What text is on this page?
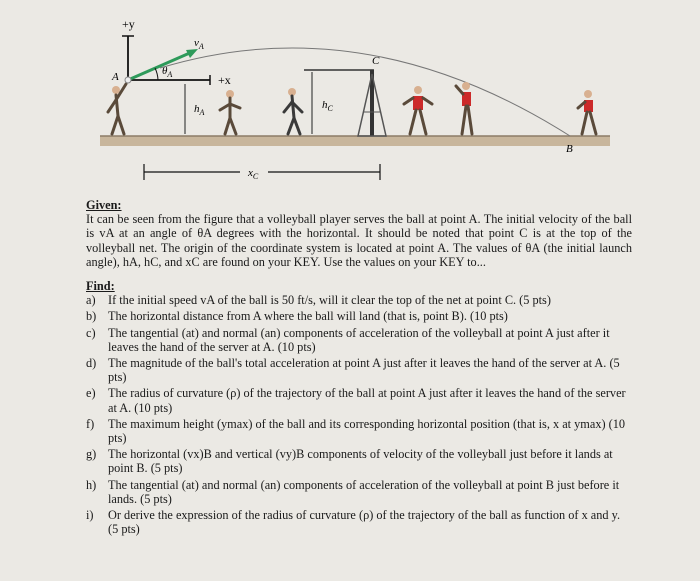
+y
+x
A
$v_A$
$\theta_A$
B
$h_A$
$h_C$
C
$x_C$

Given:

It can be seen from the figure that a volleyball player serves the ball at point A. The initial velocity of the ball is vA at an angle of θA degrees with the horizontal. It should be noted that point C is at the top of the volleyball net. The origin of the coordinate system is located at point A. The values of θA (the initial launch angle), hA, hC, and xC are found on your KEY. Use the values on your KEY to...

Find:

a)	If the initial speed vA of the ball is 50 ft/s, will it clear the top of the net at point C. (5 pts)
b) The horizontal distance from A where the ball will land (that is, point B). (10 pts)
c)	The tangential (at) and normal (an) components of acceleration of the volleyball at point A just after it leaves the hand of the server at A. (10 pts)
d) The magnitude of the ball's total acceleration at point A just after it leaves the hand of the server at A. (5 pts)
e)	The radius of curvature (ρ) of the trajectory of the ball at point A just after it leaves the hand of the server at A. (10 pts)
f)	The maximum height (ymax) of the ball and its corresponding horizontal position (that is, x at ymax) (10 pts)
g) The horizontal (vx)B and vertical (vy)B components of velocity of the volleyball just before it lands at point B. (5 pts)
h) The tangential (at) and normal (an) components of acceleration of the volleyball at point B just before it lands. (5 pts)
i)	Or derive the expression of the radius of curvature (ρ) of the trajectory of the ball as function of x and y. (5 pts)
